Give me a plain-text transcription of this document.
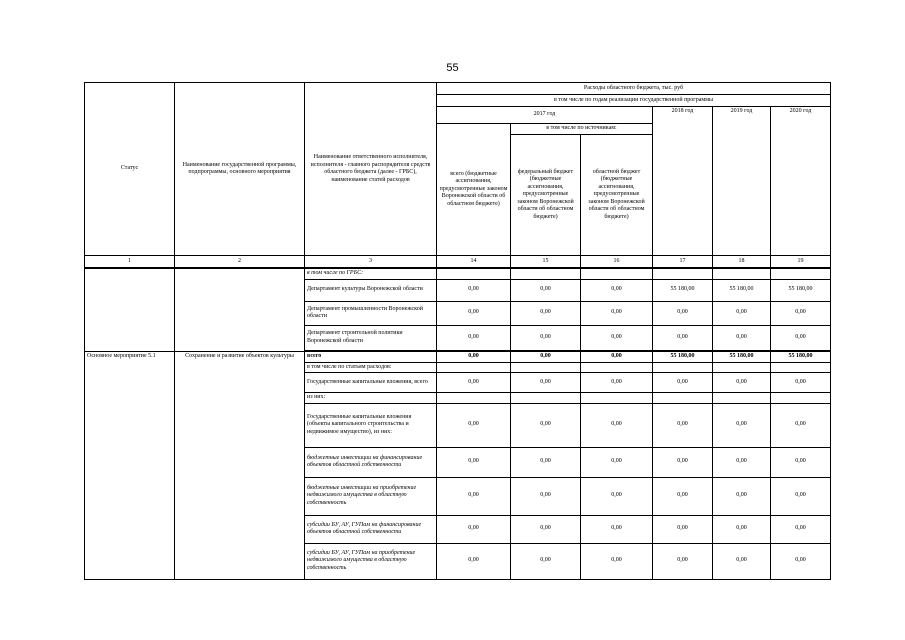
55
Статус	Наименование государственной программы, подпрограммы, основного мероприятия	Наименование ответственного исполнителя, исполнителя - главного распорядителя средств областного бюджета (далее - ГРБС), наименование статей расходов	Расходы областного бюджета, тыс. руб					
			в том числе по годам реализации государственной программы					
			2017 год			2018 год	2019 год	2020 год
			всего (бюджетные ассигнования, предусмотренные законом Воронежской области об областном бюджете)	в том числе по источникам:				
				федеральный бюджет (бюджетные ассигнования, предусмотренные законом Воронежской области об областном бюджете)	областной бюджет (бюджетные ассигнования, предусмотренные законом Воронежской области об областном бюджете)			
1	2	3	14	15	16	17	18	19
		в том числе по ГРБС:						
		Департамент культуры Воронежской области	0,00	0,00	0,00	55 180,00	55 180,00	55 180,00
		Департамент промышленности Воронежской области	0,00	0,00	0,00	0,00	0,00	0,00
		Департамент строительной политики Воронежской области	0,00	0,00	0,00	0,00	0,00	0,00
Основное мероприятие 5.1	Сохранение и развитие объектов культуры	всего	0,00	0,00	0,00	55 180,00	55 180,00	55 180,00
		в том числе по статьям расходов:						
		Государственные капитальные вложения, всего	0,00	0,00	0,00	0,00	0,00	0,00
		из них:						
		Государственные капитальные вложения (объекты капитального строительства и недвижимое имущество), из них:	0,00	0,00	0,00	0,00	0,00	0,00
		бюджетные инвестиции на финансирование объектов областной собственности	0,00	0,00	0,00	0,00	0,00	0,00
		бюджетные инвестиции на приобретение недвижимого имущества в областную собственность	0,00	0,00	0,00	0,00	0,00	0,00
		субсидии БУ, АУ, ГУПам на финансирование объектов областной собственности	0,00	0,00	0,00	0,00	0,00	0,00
		субсидии БУ, АУ, ГУПам на приобретение недвижимого имущества в областную собственность	0,00	0,00	0,00	0,00	0,00	0,00
